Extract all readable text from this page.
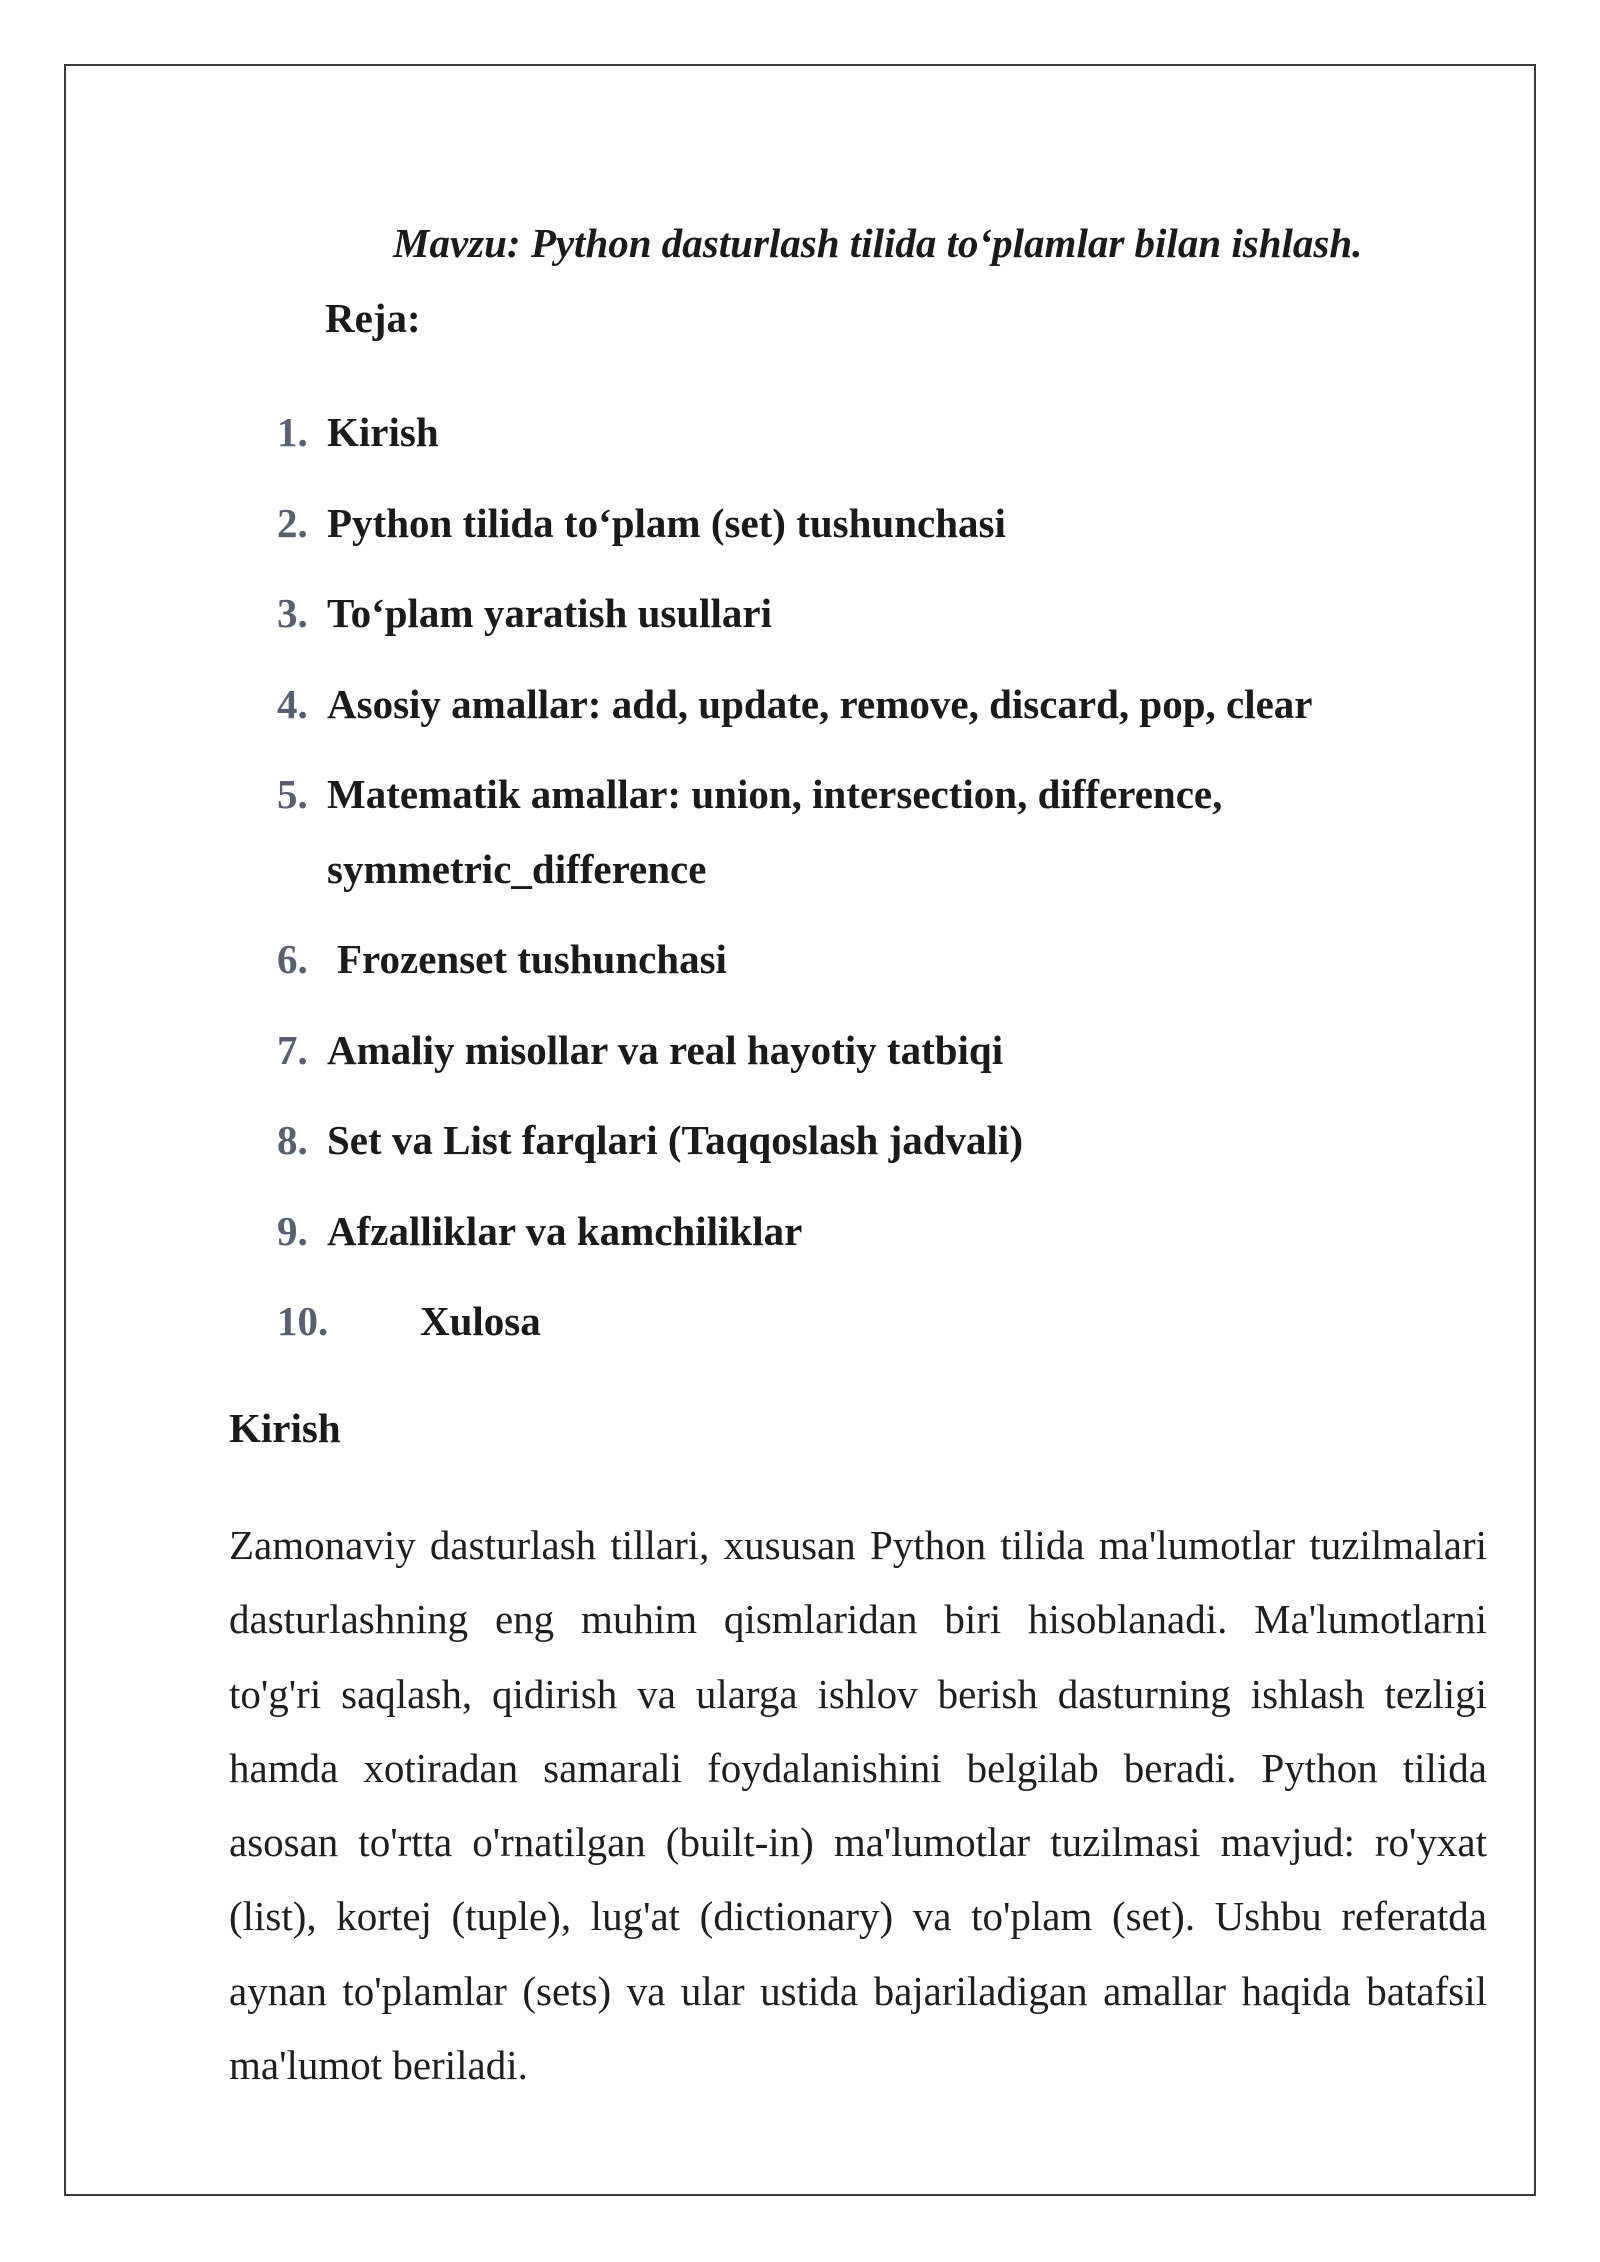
Mavzu: Python dasturlash tilida to‘plamlar bilan ishlash.
Reja:
1. Kirish
2. Python tilida to‘plam (set) tushunchasi
3. To‘plam yaratish usullari
4. Asosiy amallar: add, update, remove, discard, pop, clear
5. Matematik amallar: union, intersection, difference,
symmetric_difference
6. Frozenset tushunchasi
7. Amaliy misollar va real hayotiy tatbiqi
8. Set va List farqlari (Taqqoslash jadvali)
9. Afzalliklar va kamchiliklar
10. Xulosa
Kirish

Zamonaviy dasturlash tillari, xususan Python tilida ma'lumotlar tuzilmalari dasturlashning eng muhim qismlaridan biri hisoblanadi. Ma'lumotlarni to'g'ri saqlash, qidirish va ularga ishlov berish dasturning ishlash tezligi hamda xotiradan samarali foydalanishini belgilab beradi. Python tilida asosan to'rtta o'rnatilgan (built-in) ma'lumotlar tuzilmasi mavjud: ro'yxat (list), kortej (tuple), lug'at (dictionary) va to'plam (set). Ushbu referatda aynan to'plamlar (sets) va ular ustida bajariladigan amallar haqida batafsil ma'lumot beriladi.
